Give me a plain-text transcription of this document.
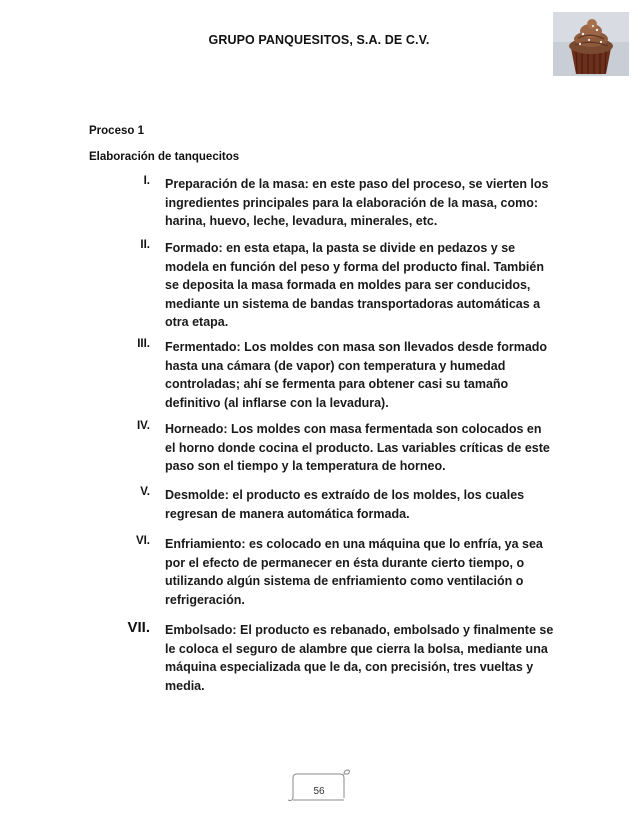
GRUPO PANQUESITOS, S.A. DE C.V.
Proceso 1
Elaboración de tanquecitos
I. Preparación de la masa: en este paso del proceso, se vierten los ingredientes principales para la elaboración de la masa, como: harina, huevo, leche, levadura, minerales, etc.
II. Formado: en esta etapa, la pasta se divide en pedazos y se modela en función del peso y forma del producto final. También se deposita la masa formada en moldes para ser conducidos, mediante un sistema de bandas transportadoras automáticas a otra etapa.
III. Fermentado: Los moldes con masa son llevados desde formado hasta una cámara (de vapor) con temperatura y humedad controladas; ahí se fermenta para obtener casi su tamaño definitivo (al inflarse con la levadura).
IV. Horneado: Los moldes con masa fermentada son colocados en el horno donde cocina el producto. Las variables críticas de este paso son el tiempo y la temperatura de horneo.
V. Desmolde: el producto es extraído de los moldes, los cuales regresan de manera automática formada.
VI. Enfriamiento: es colocado en una máquina que lo enfría, ya sea por el efecto de permanecer en ésta durante cierto tiempo, o utilizando algún sistema de enfriamiento como ventilación o refrigeración.
VII. Embolsado: El producto es rebanado, embolsado y finalmente se le coloca el seguro de alambre que cierra la bolsa, mediante una máquina especializada que le da, con precisión, tres vueltas y media.
56
